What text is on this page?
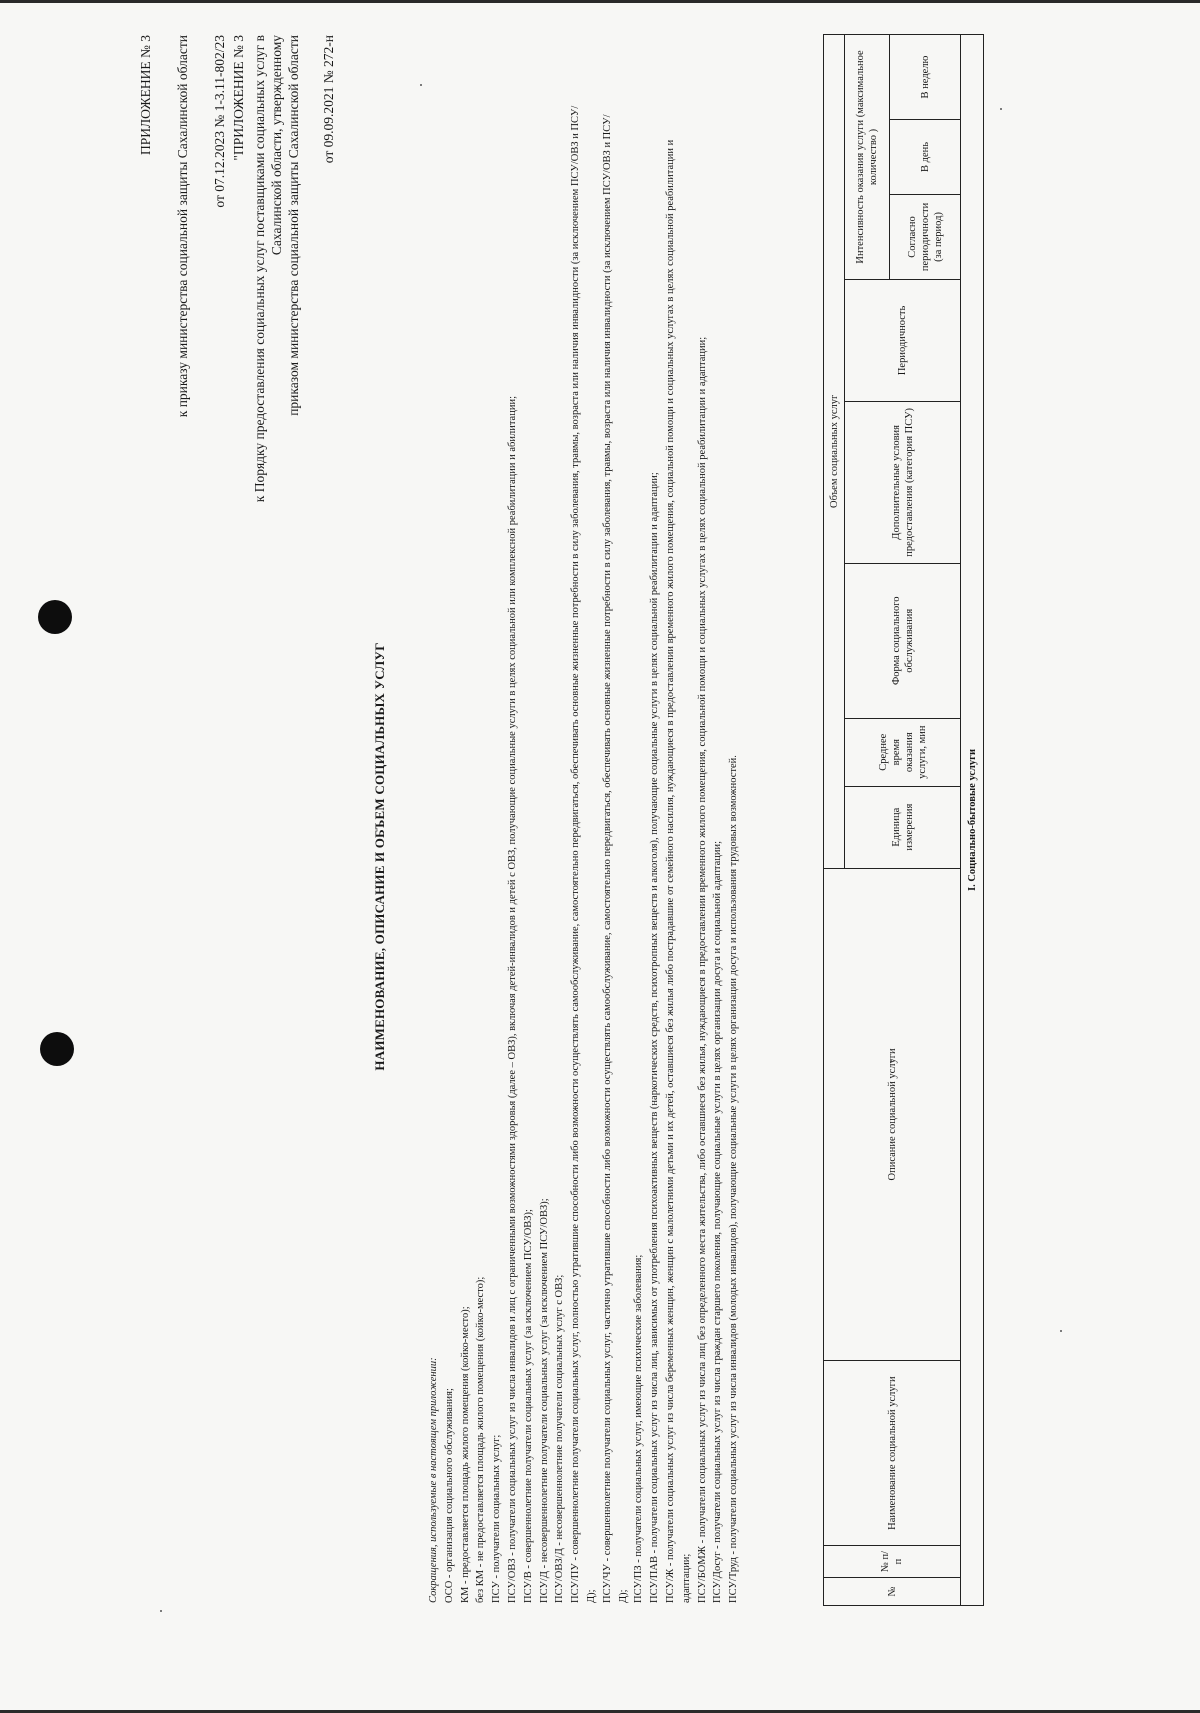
ПРИЛОЖЕНИЕ № 3 к приказу министерства социальной защиты Сахалинской области от 07.12.2023 № 1-3.11-802/23 "ПРИЛОЖЕНИЕ № 3 к Порядку предоставления социальных услуг поставщиками социальных услуг в Сахалинской области, утвержденному приказом министерства социальной защиты Сахалинской области от 09.09.2021 № 272-н
НАИМЕНОВАНИЕ, ОПИСАНИЕ И ОБЪЕМ СОЦИАЛЬНЫХ УСЛУГ
Сокращения, используемые в настоящем приложении: ОСО - организация социального обслуживания; КМ - предоставляется площадь жилого помещения (койко-место); без КМ - не предоставляется площадь жилого помещения (койко-место); ПСУ - получатели социальных услуг; ПСУ/ОВЗ - получатели социальных услуг из числа инвалидов и лиц с ограниченными возможностями здоровья (далее – ОВЗ), включая детей-инвалидов и детей с ОВЗ, получающие социальные услуги в целях социальной или комплексной реабилитации и абилитации; ПСУ/В - совершеннолетние получатели социальных услуг (за исключением ПСУ/ОВЗ); ПСУ/Д - несовершеннолетние получатели социальных услуг (за исключением ПСУ/ОВЗ); ПСУ/ОВЗ/Д - несовершеннолетние получатели социальных услуг с ОВЗ; ПСУ/ПУ - совершеннолетние получатели социальных услуг, полностью утратившие способности либо возможности осуществлять самообслуживание, самостоятельно передвигаться, обеспечивать основные жизненные потребности в силу заболевания, травмы, возраста или наличия инвалидности (за исключением ПСУ/ОВЗ и ПСУ/Д); ПСУ/ЧУ - совершеннолетние получатели социальных услуг, частично утратившие способности либо возможности осуществлять самообслуживание, самостоятельно передвигаться, обеспечивать основные жизненные потребности в силу заболевания, травмы, возраста или наличия инвалидности (за исключением ПСУ/ОВЗ и ПСУ/Д); ПСУ/ПЗ - получатели социальных услуг, имеющие психические заболевания; ПСУ/ПАВ - получатели социальных услуг из числа лиц, зависимых от употребления психоактивных веществ (наркотических средств, психотропных веществ и алкоголя), получающие социальные услуги в целях социальной реабилитации и адаптации; ПСУ/Ж - получатели социальных услуг из числа беременных женщин, женщин с малолетними детьми и их детей, оставшиеся без жилья либо пострадавшие от семейного насилия, нуждающиеся в предоставлении временного жилого помещения, социальной помощи и социальных услугах в целях социальной реабилитации и адаптации; ПСУ/БОМЖ - получатели социальных услуг из числа лиц без определенного места жительства, либо оставшиеся без жилья, нуждающиеся в предоставлении временного жилого помещения, социальной помощи и социальных услугах в целях социальной реабилитации и адаптации; ПСУ/Досуг - получатели социальных услуг из числа граждан старшего поколения, получающие социальные услуги в целях организации досуга и социальной адаптации; ПСУ/Труд - получатели социальных услуг из числа инвалидов (молодых инвалидов), получающие социальные услуги в целях организации досуга и использования трудовых возможностей.	№	№ п/п	Наименование социальной услуги	Описание социальной услуги	Объем социальных услуг							
				Единица измерения	Среднее время оказания услуги, мин	Форма социального обслуживания	Дополнительные условия предоставления (категория ПСУ)	Периодичность	Интенсивность оказания услуги (максимальное количество )		
									Согласно периодичности (за период)	В день	В неделю
I. Социально-бытовые услуги											
